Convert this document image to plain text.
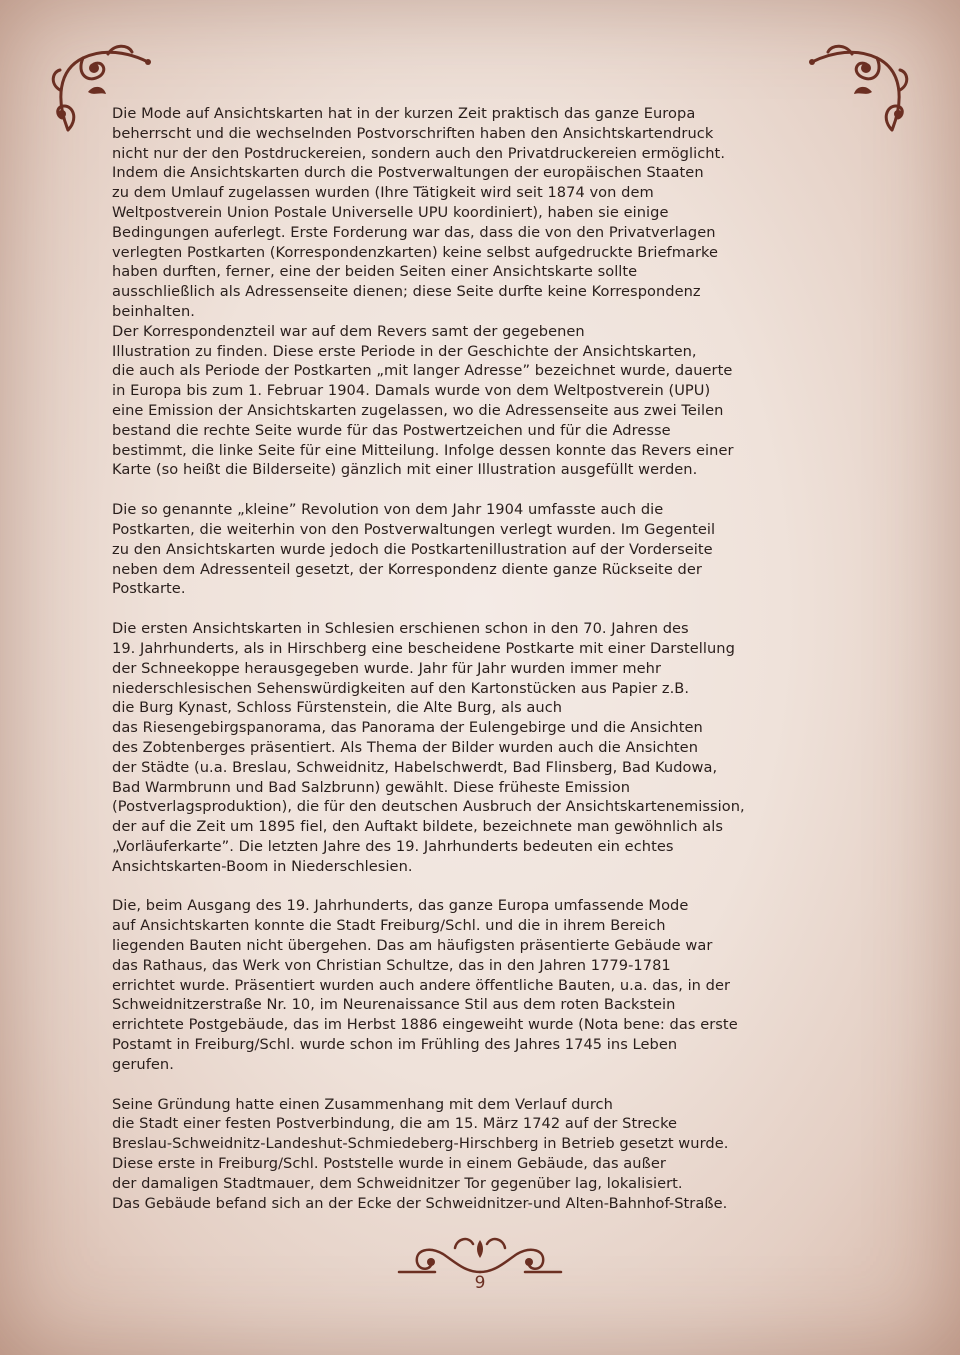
Die Mode auf Ansichtskarten hat in der kurzen Zeit praktisch das ganze Europa
beherrscht und die wechselnden Postvorschriften haben den Ansichtskartendruck
nicht nur der den Postdruckereien, sondern auch den Privatdruckereien ermöglicht.
Indem die Ansichtskarten durch die Postverwaltungen der europäischen Staaten
zu dem Umlauf zugelassen wurden (Ihre Tätigkeit wird seit 1874 von dem
Weltpostverein Union Postale Universelle UPU koordiniert), haben sie einige
Bedingungen auferlegt. Erste Forderung war das, dass die von den Privatverlagen
verlegten Postkarten (Korrespondenzkarten) keine selbst aufgedruckte Briefmarke
haben durften, ferner, eine der beiden Seiten einer Ansichtskarte sollte
ausschließlich als Adressenseite dienen; diese Seite durfte keine Korrespondenz
beinhalten.

Der Korrespondenzteil war auf dem Revers samt der gegebenen
Illustration zu finden. Diese erste Periode in der Geschichte der Ansichtskarten,
die auch als Periode der Postkarten „mit langer Adresse” bezeichnet wurde, dauerte
in Europa bis zum 1. Februar 1904. Damals wurde von dem Weltpostverein (UPU)
eine Emission der Ansichtskarten zugelassen, wo die Adressenseite aus zwei Teilen
bestand die rechte Seite wurde für das Postwertzeichen und für die Adresse
bestimmt, die linke Seite für eine Mitteilung. Infolge dessen konnte das Revers einer
Karte (so heißt die Bilderseite) gänzlich mit einer Illustration ausgefüllt werden.

Die so genannte „kleine” Revolution von dem Jahr 1904 umfasste auch die
Postkarten, die weiterhin von den Postverwaltungen verlegt wurden. Im Gegenteil
zu den Ansichtskarten wurde jedoch die Postkartenillustration auf der Vorderseite
neben dem Adressenteil gesetzt, der Korrespondenz diente ganze Rückseite der
Postkarte.

Die ersten Ansichtskarten in Schlesien erschienen schon in den 70. Jahren des
19. Jahrhunderts, als in Hirschberg eine bescheidene Postkarte mit einer Darstellung
der Schneekoppe herausgegeben wurde. Jahr für Jahr wurden immer mehr
niederschlesischen Sehenswürdigkeiten auf den Kartonstücken aus Papier z.B.
die Burg Kynast, Schloss Fürstenstein, die Alte Burg, als auch
das Riesengebirgspanorama, das Panorama der Eulengebirge und die Ansichten
des Zobtenberges präsentiert. Als Thema der Bilder wurden auch die Ansichten
der Städte (u.a. Breslau, Schweidnitz, Habelschwerdt, Bad Flinsberg, Bad Kudowa,
Bad Warmbrunn und Bad Salzbrunn) gewählt. Diese früheste Emission
(Postverlagsproduktion), die für den deutschen Ausbruch der Ansichtskartenemission,
der auf die Zeit um 1895 fiel, den Auftakt bildete, bezeichnete man gewöhnlich als
„Vorläuferkarte”. Die letzten Jahre des 19. Jahrhunderts bedeuten ein echtes
Ansichtskarten-Boom in Niederschlesien.

Die, beim Ausgang des 19. Jahrhunderts, das ganze Europa umfassende Mode
auf Ansichtskarten konnte die Stadt Freiburg/Schl. und die in ihrem Bereich
liegenden Bauten nicht übergehen. Das am häufigsten präsentierte Gebäude war
das Rathaus, das Werk von Christian Schultze, das in den Jahren 1779-1781
errichtet wurde. Präsentiert wurden auch andere öffentliche Bauten, u.a. das, in der
Schweidnitzerstraße Nr. 10, im Neurenaissance Stil aus dem roten Backstein
errichtete Postgebäude, das im Herbst 1886 eingeweiht wurde (Nota bene: das erste
Postamt in Freiburg/Schl. wurde schon im Frühling des Jahres 1745 ins Leben
gerufen.

Seine Gründung hatte einen Zusammenhang mit dem Verlauf durch
die Stadt einer festen Postverbindung, die am 15. März 1742 auf der Strecke
Breslau-Schweidnitz-Landeshut-Schmiedeberg-Hirschberg in Betrieb gesetzt wurde.
Diese erste in Freiburg/Schl. Poststelle wurde in einem Gebäude, das außer
der damaligen Stadtmauer, dem Schweidnitzer Tor gegenüber lag, lokalisiert.
Das Gebäude befand sich an der Ecke der Schweidnitzer-und Alten-Bahnhof-Straße.

9
